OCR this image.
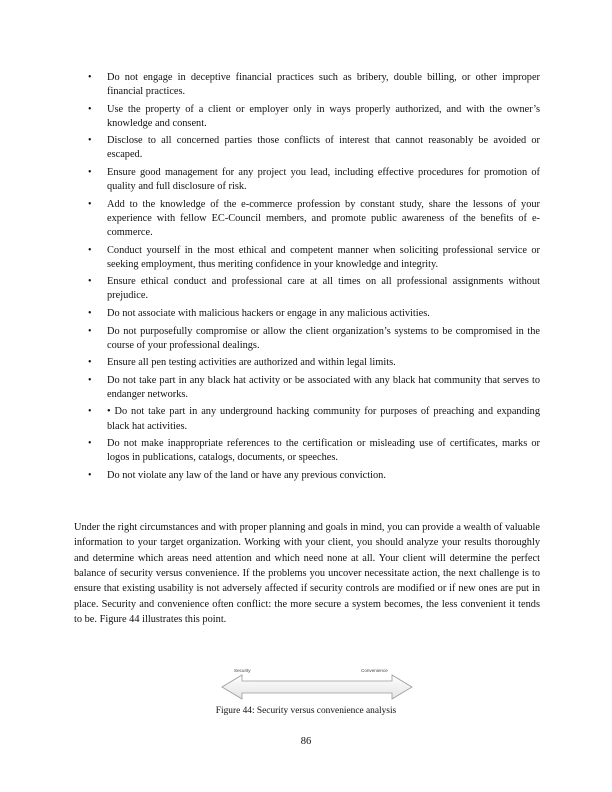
• Do not engage in deceptive financial practices such as bribery, double billing, or other improper financial practices.
• Use the property of a client or employer only in ways properly authorized, and with the owner’s knowledge and consent.
• Disclose to all concerned parties those conflicts of interest that cannot reasonably be avoided or escaped.
• Ensure good management for any project you lead, including effective procedures for promotion of quality and full disclosure of risk.
• Add to the knowledge of the e-commerce profession by constant study, share the lessons of your experience with fellow EC-Council members, and promote public awareness of the benefits of e-commerce.
• Conduct yourself in the most ethical and competent manner when soliciting professional service or seeking employment, thus meriting confidence in your knowledge and integrity.
• Ensure ethical conduct and professional care at all times on all professional assignments without prejudice.
• Do not associate with malicious hackers or engage in any malicious activities.
• Do not purposefully compromise or allow the client organization’s systems to be compromised in the course of your professional dealings.
• Ensure all pen testing activities are authorized and within legal limits.
• Do not take part in any black hat activity or be associated with any black hat community that serves to endanger networks.
• • Do not take part in any underground hacking community for purposes of preaching and expanding black hat activities.
• Do not make inappropriate references to the certification or misleading use of certificates, marks or logos in publications, catalogs, documents, or speeches.
• Do not violate any law of the land or have any previous conviction.

Under the right circumstances and with proper planning and goals in mind, you can provide a wealth of valuable information to your target organization. Working with your client, you should analyze your results thoroughly and determine which areas need attention and which need none at all. Your client will determine the perfect balance of security versus convenience. If the problems you uncover necessitate action, the next challenge is to ensure that existing usability is not adversely affected if security controls are modified or if new ones are put in place. Security and convenience often conflict: the more secure a system becomes, the less convenient it tends to be. Figure 44 illustrates this point.

Security	Convenience

Figure 44: Security versus convenience analysis

86
